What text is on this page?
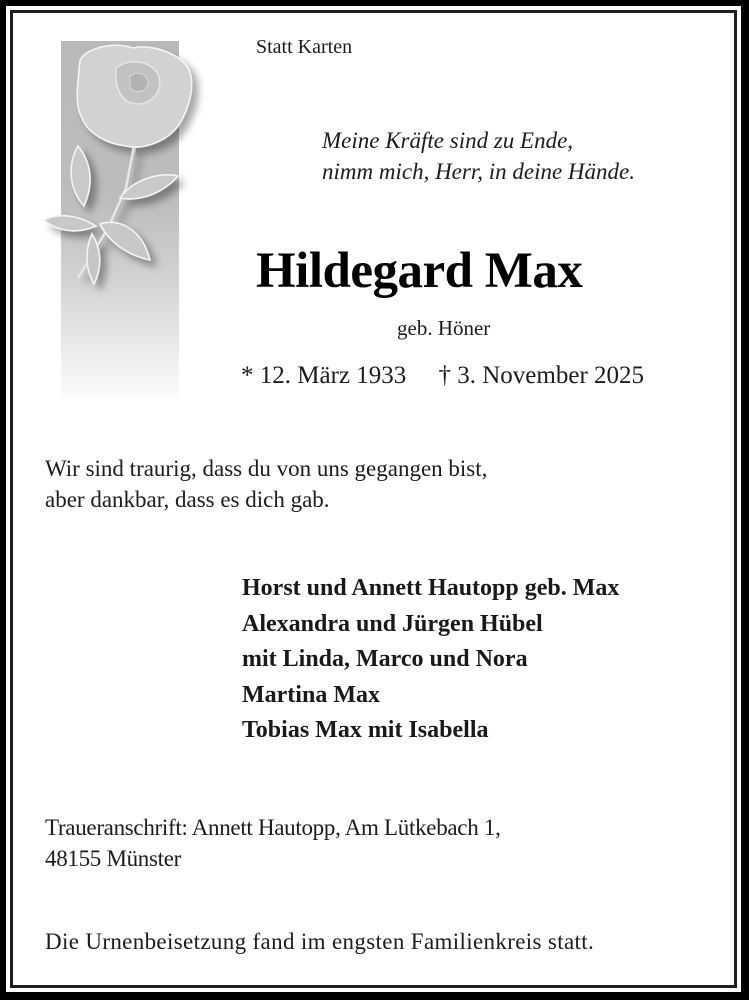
Statt Karten
Meine Kräfte sind zu Ende,
nimm mich, Herr, in deine Hände.
Hildegard Max
geb. Höner
* 12. März 1933 † 3. November 2025
Wir sind traurig, dass du von uns gegangen bist,
aber dankbar, dass es dich gab.
Horst und Annett Hautopp geb. Max
Alexandra und Jürgen Hübel
mit Linda, Marco und Nora
Martina Max
Tobias Max mit Isabella
Traueranschrift: Annett Hautopp, Am Lütkebach 1,
48155 Münster
Die Urnenbeisetzung fand im engsten Familienkreis statt.
